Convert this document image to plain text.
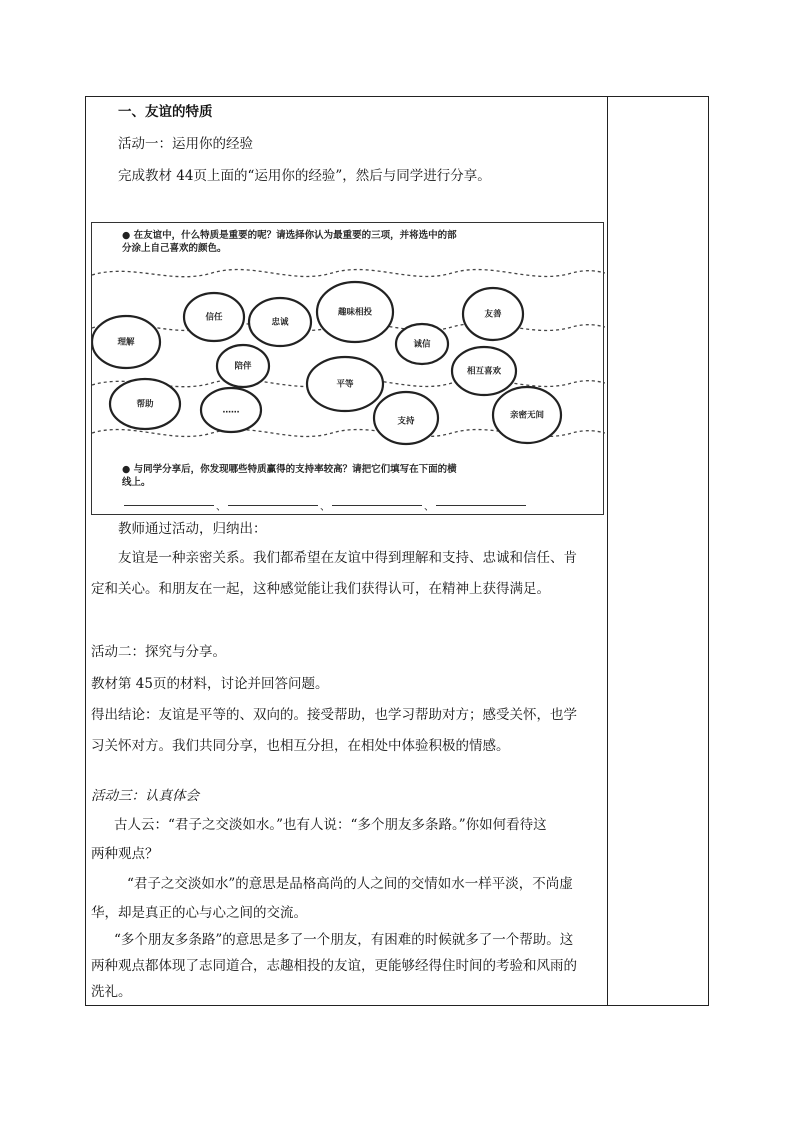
一、友谊的特质
活动一：运用你的经验
完成教材 44页上面的“运用你的经验”，然后与同学进行分享。
● 在友谊中，什么特质是重要的呢？请选择你认为最重要的三项，并将选中的部
分涂上自己喜欢的颜色。
理解
信任	忠诚
趣味相投	友善
陪伴
诚信
相互喜欢
平等
帮助
……
支持
亲密无间
● 与同学分享后，你发现哪些特质赢得的支持率较高？请把它们填写在下面的横
线上。
、	、	、
教师通过活动，归纳出：
友谊是一种亲密关系。我们都希望在友谊中得到理解和支持、忠诚和信任、肯
定和关心。和朋友在一起，这种感觉能让我们获得认可，在精神上获得满足。
活动二：探究与分享。
教材第 45页的材料，讨论并回答问题。
得出结论：友谊是平等的、双向的。接受帮助，也学习帮助对方；感受关怀，也学
习关怀对方。我们共同分享，也相互分担，在相处中体验积极的情感。
活动三：认真体会
古人云：“君子之交淡如水。”也有人说：“多个朋友多条路。”你如何看待这
两种观点？
“君子之交淡如水”的意思是品格高尚的人之间的交情如水一样平淡，不尚虚
华，却是真正的心与心之间的交流。
“多个朋友多条路”的意思是多了一个朋友，有困难的时候就多了一个帮助。这
两种观点都体现了志同道合，志趣相投的友谊，更能够经得住时间的考验和风雨的
洗礼。
